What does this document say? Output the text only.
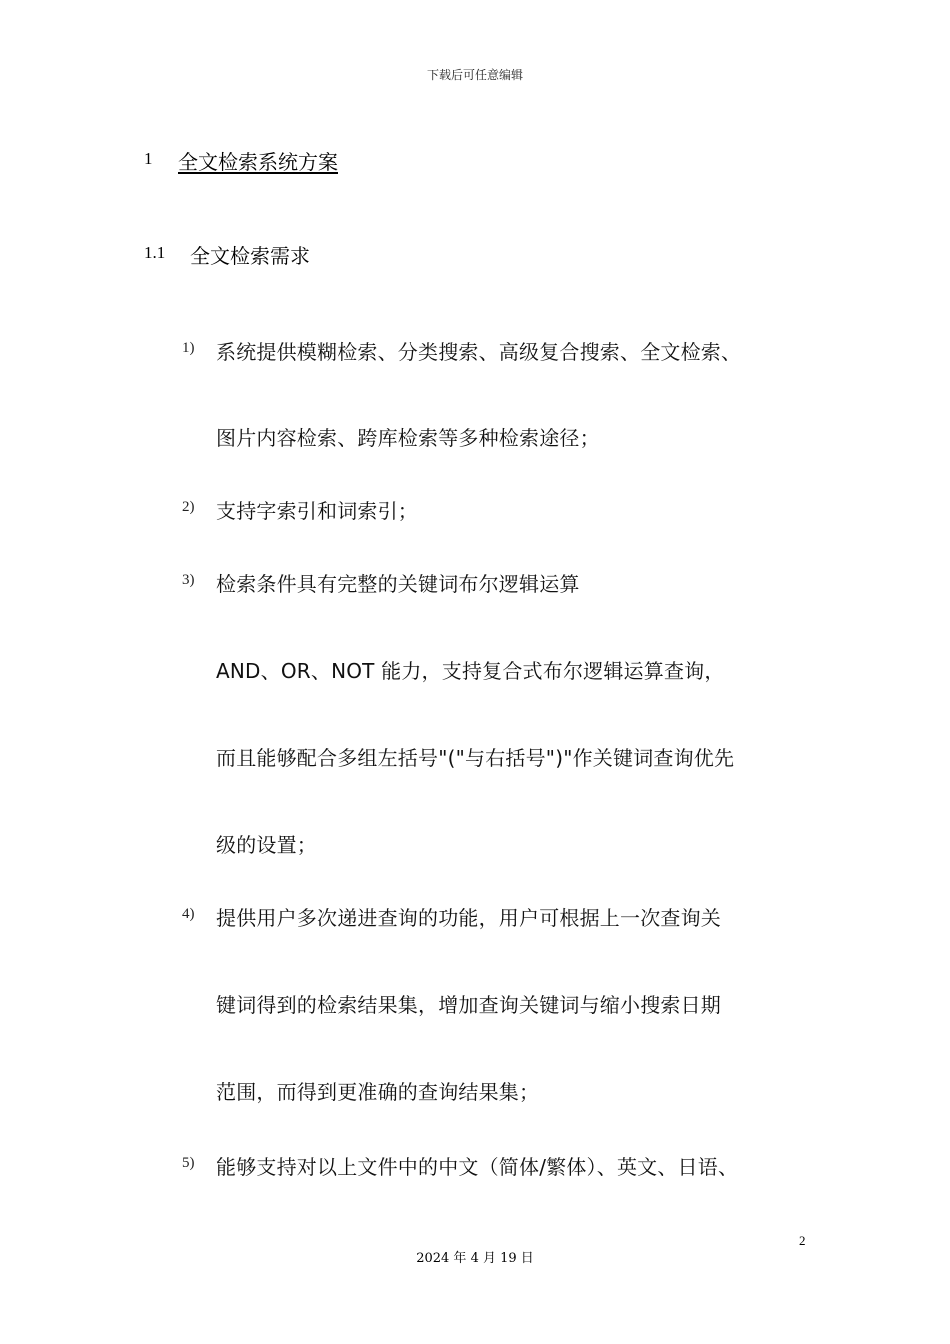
下载后可任意编辑
1 全文检索系统方案
1.1 全文检索需求
1) 系统提供模糊检索、分类搜索、高级复合搜索、全文检索、
图片内容检索、跨库检索等多种检索途径；
2) 支持字索引和词索引；
3) 检索条件具有完整的关键词布尔逻辑运算
AND、OR、NOT 能力，支持复合式布尔逻辑运算查询，
而且能够配合多组左括号"("与右括号")"作关键词查询优先
级的设置；
4) 提供用户多次递进查询的功能，用户可根据上一次查询关
键词得到的检索结果集，增加查询关键词与缩小搜索日期
范围，而得到更准确的查询结果集；
5) 能够支持对以上文件中的中文（简体/繁体）、英文、日语、
2
2024 年 4 月 19 日
